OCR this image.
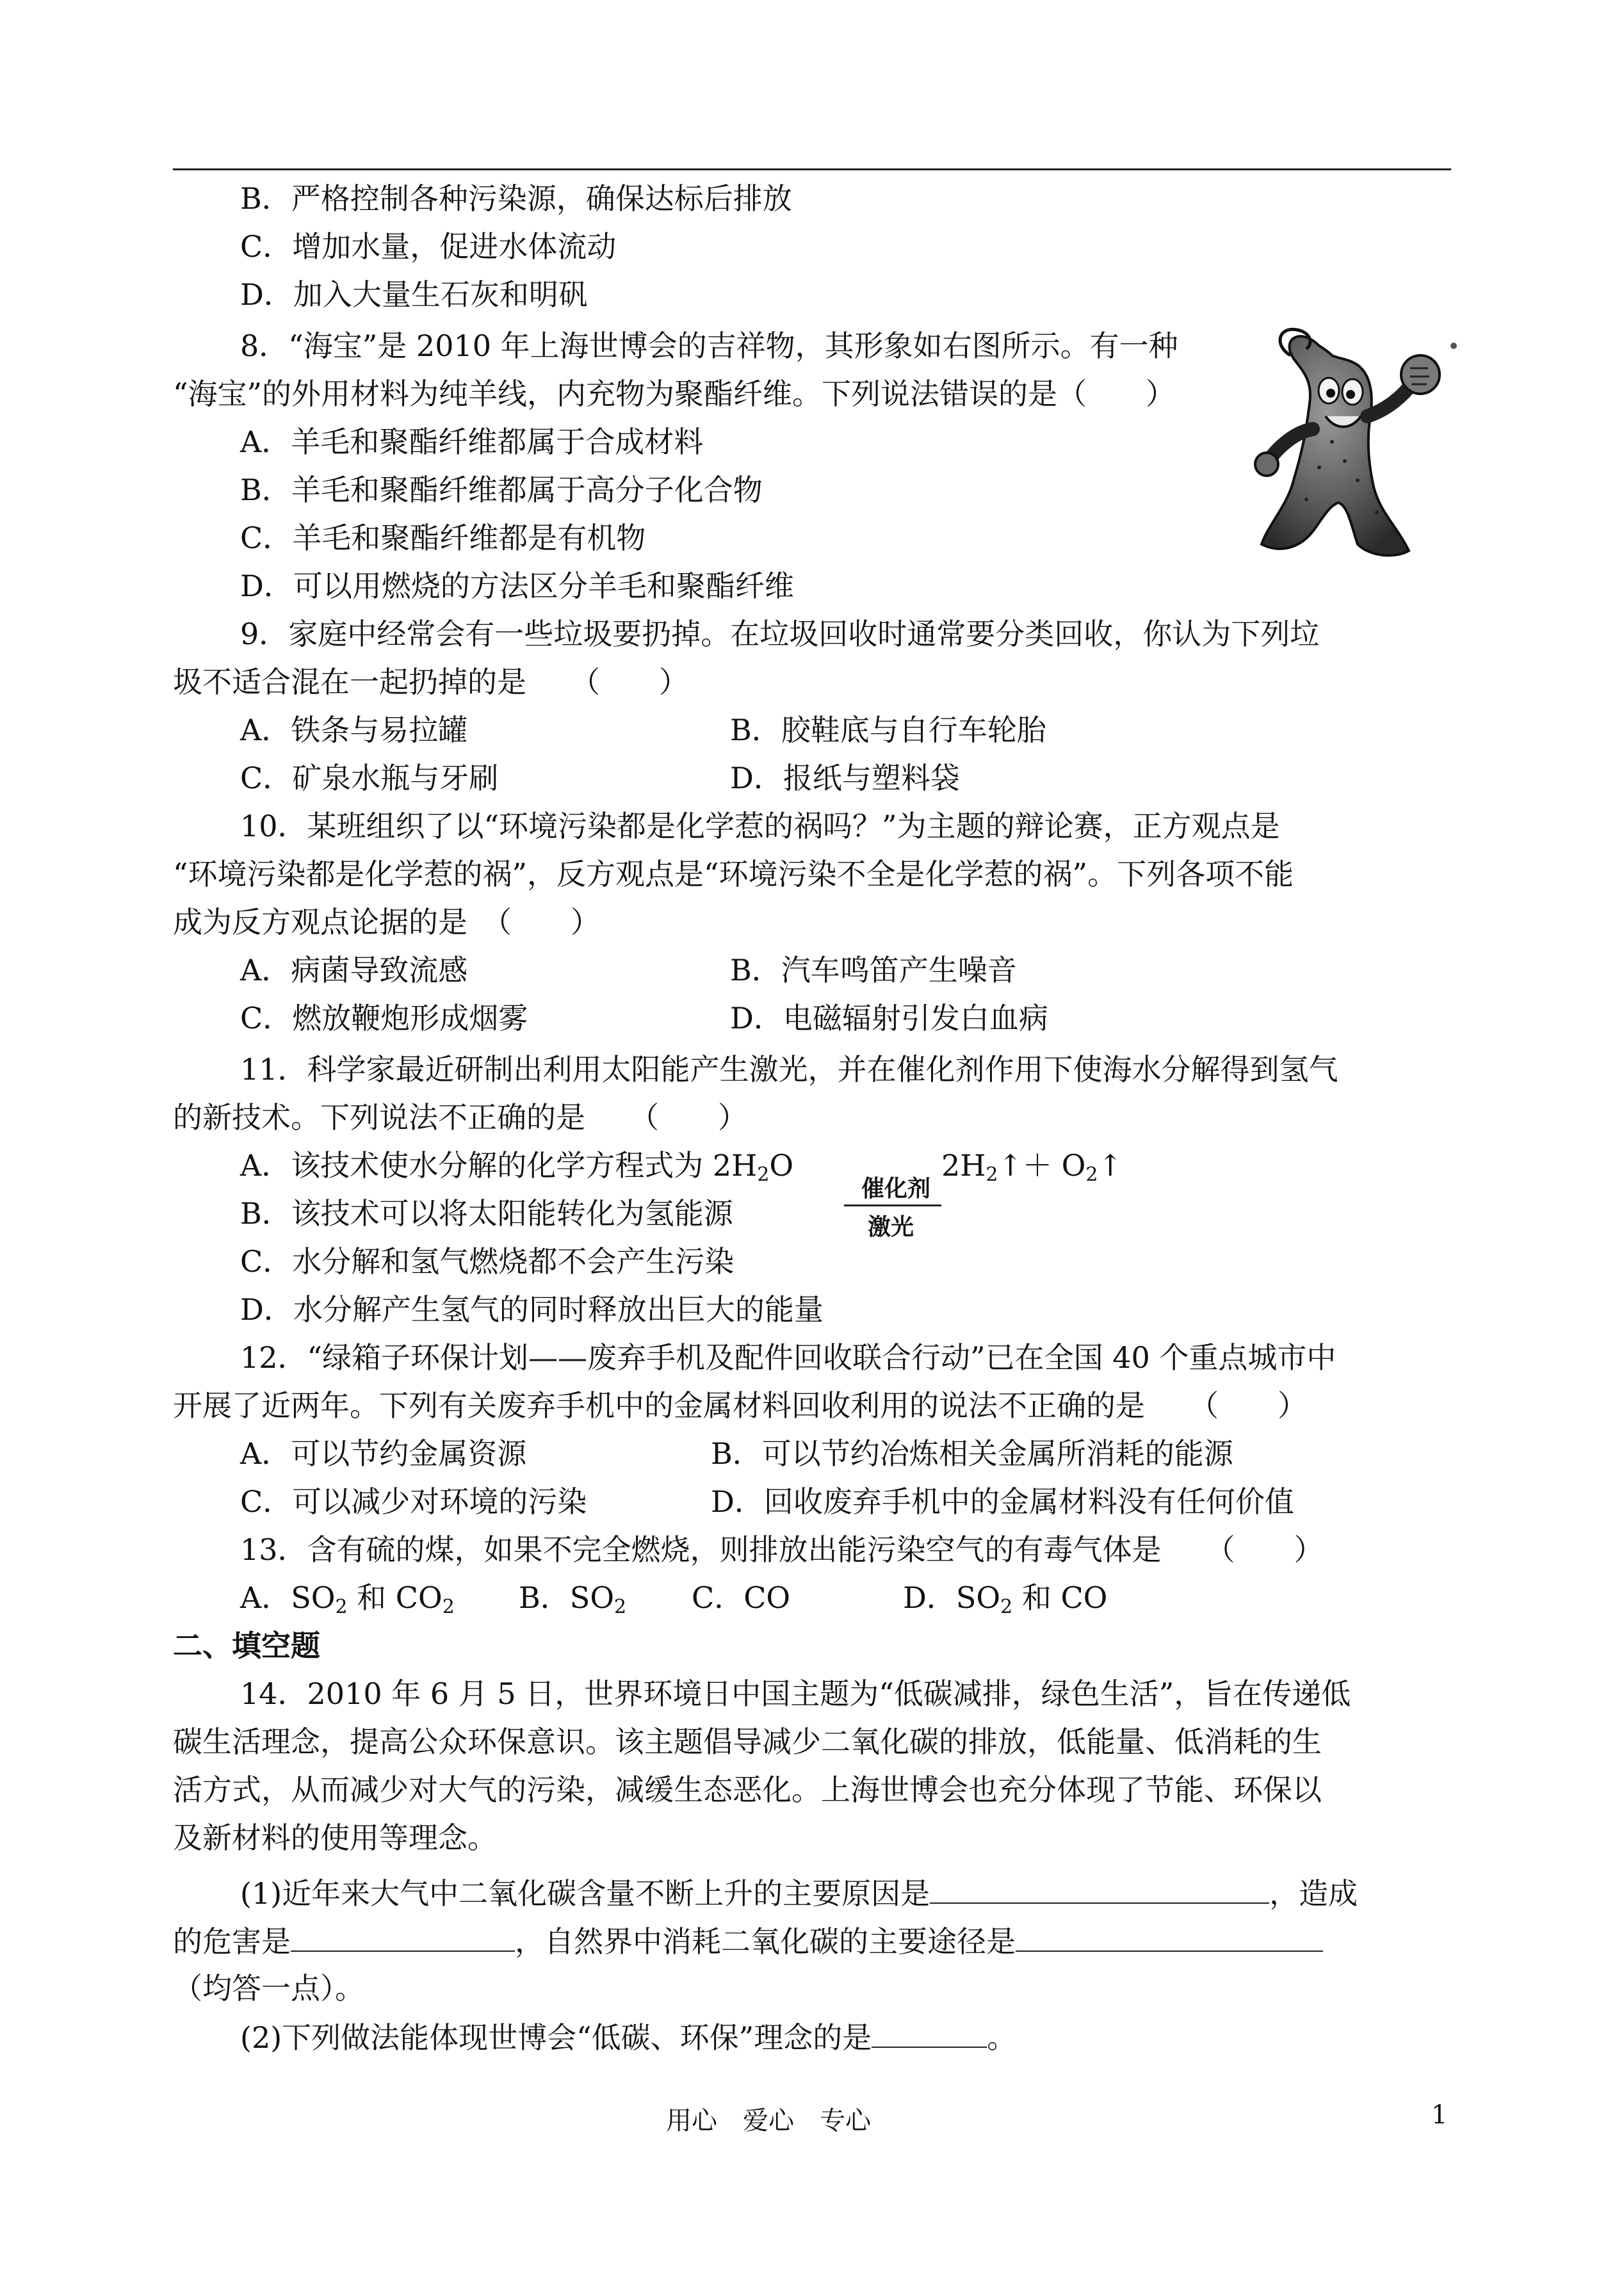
B．严格控制各种污染源，确保达标后排放
C．增加水量，促进水体流动
D．加入大量生石灰和明矾
8．“海宝”是 2010 年上海世博会的吉祥物，其形象如右图所示。有一种
“海宝”的外用材料为纯羊线，内充物为聚酯纤维。下列说法错误的是（　　）
A．羊毛和聚酯纤维都属于合成材料
B．羊毛和聚酯纤维都属于高分子化合物
C．羊毛和聚酯纤维都是有机物
D．可以用燃烧的方法区分羊毛和聚酯纤维
9．家庭中经常会有一些垃圾要扔掉。在垃圾回收时通常要分类回收，你认为下列垃
圾不适合混在一起扔掉的是　　（　　）
A．铁条与易拉罐	B．胶鞋底与自行车轮胎
C．矿泉水瓶与牙刷	D．报纸与塑料袋
10．某班组织了以“环境污染都是化学惹的祸吗？”为主题的辩论赛，正方观点是
“环境污染都是化学惹的祸”，反方观点是“环境污染不全是化学惹的祸”。下列各项不能
成为反方观点论据的是　（　　）
A．病菌导致流感	B．汽车鸣笛产生噪音
C．燃放鞭炮形成烟雾	D．电磁辐射引发白血病
11．科学家最近研制出利用太阳能产生激光，并在催化剂作用下使海水分解得到氢气
的新技术。下列说法不正确的是　　（　　）
A．该技术使水分解的化学方程式为 $2H_2O$
催化剂
激光
$2H_2↑+$ $O_2↑$
B．该技术可以将太阳能转化为氢能源
C．水分解和氢气燃烧都不会产生污染
D．水分解产生氢气的同时释放出巨大的能量
12．“绿箱子环保计划——废弃手机及配件回收联合行动”已在全国 40 个重点城市中
开展了近两年。下列有关废弃手机中的金属材料回收利用的说法不正确的是　　（　　）
A．可以节约金属资源	B．可以节约冶炼相关金属所消耗的能源
C．可以减少对环境的污染	D．回收废弃手机中的金属材料没有任何价值
13．含有硫的煤，如果不完全燃烧，则排放出能污染空气的有毒气体是　　（　　）
A．$SO_2$ 和 $CO_2$ B．$SO_2$ C．CO	D．$SO_2$ 和 CO
二、填空题
14．2010 年 6 月 5 日，世界环境日中国主题为“低碳减排，绿色生活”，旨在传递低
碳生活理念，提高公众环保意识。该主题倡导减少二氧化碳的排放，低能量、低消耗的生
活方式，从而减少对大气的污染，减缓生态恶化。上海世博会也充分体现了节能、环保以
及新材料的使用等理念。
(1)近年来大气中二氧化碳含量不断上升的主要原因是	，造成
的危害是	，自然界中消耗二氧化碳的主要途径是
（均答一点）。
(2)下列做法能体现世博会“低碳、环保”理念的是	。
用心　爱心　专心	1
